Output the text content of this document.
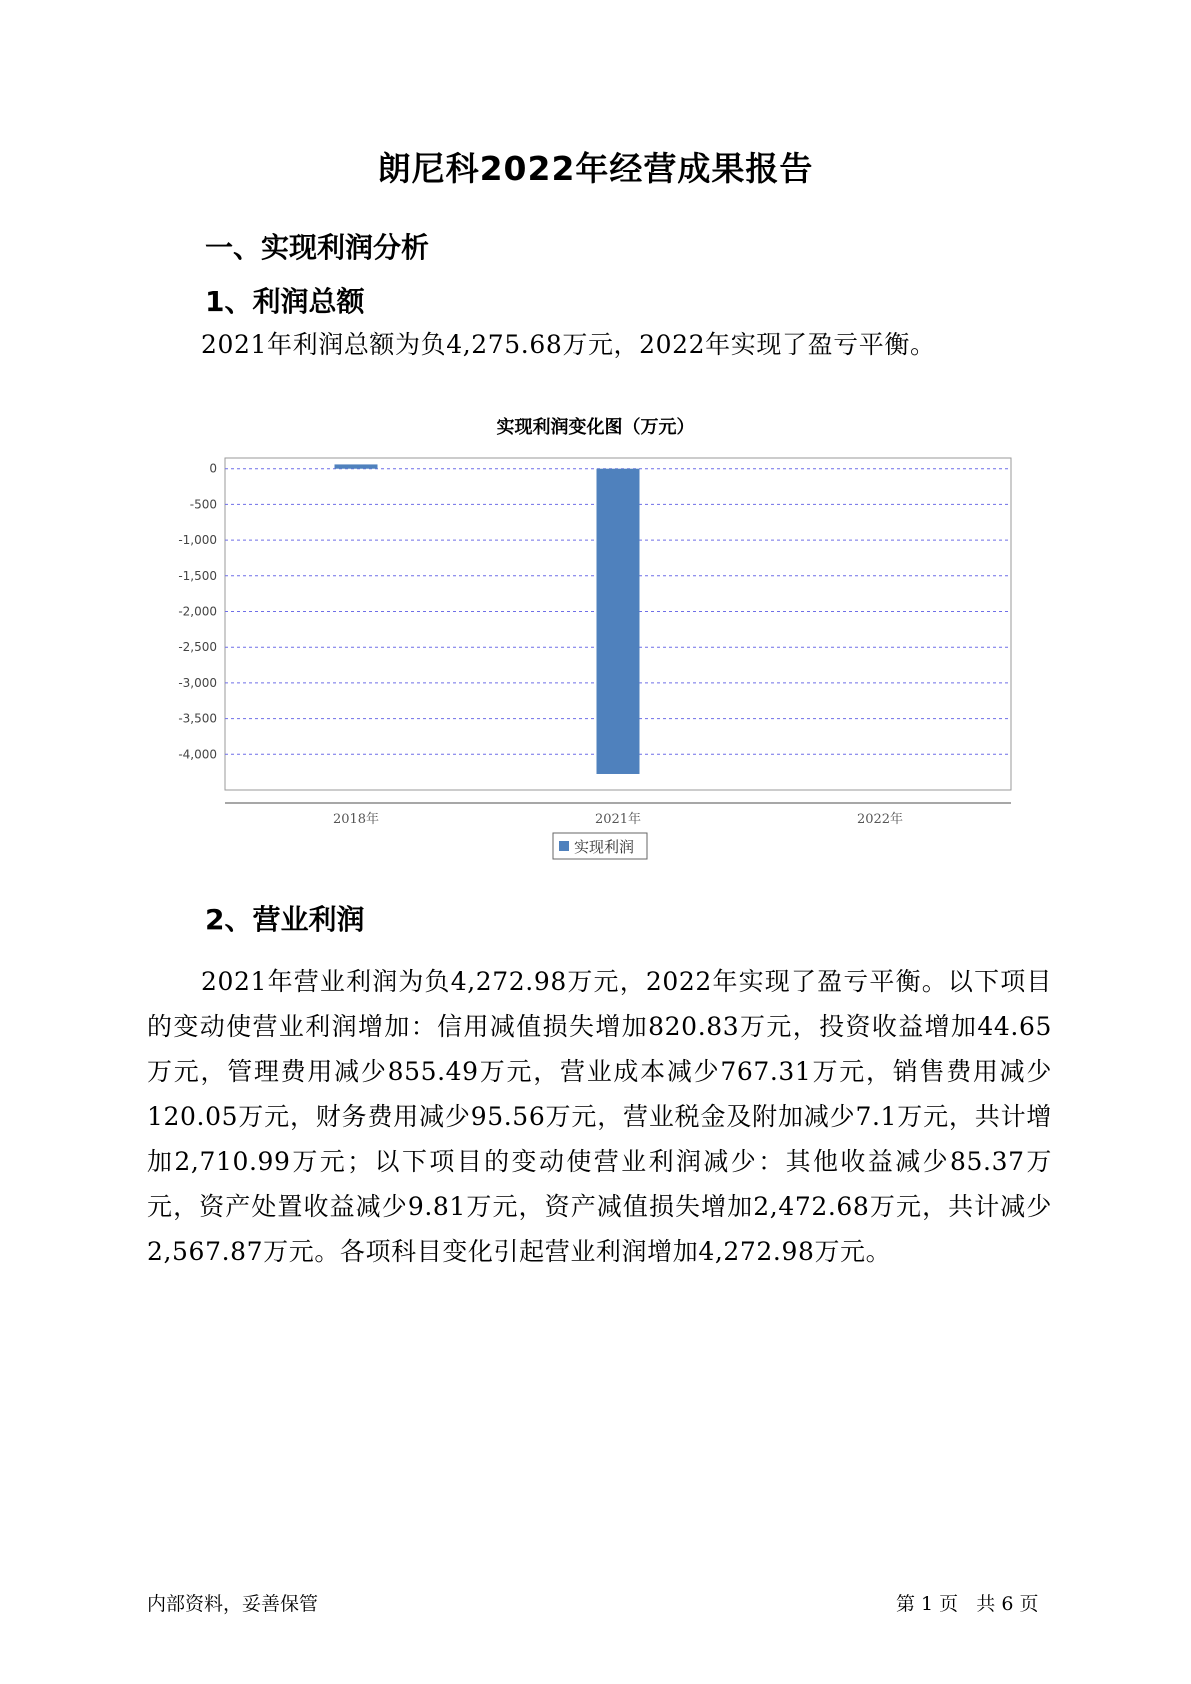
朗尼科2022年经营成果报告
一、实现利润分析
1、利润总额
2021年利润总额为负4,275.68万元，2022年实现了盈亏平衡。
实现利润变化图（万元）
0
-500
-1,000
-1,500
-2,000
-2,500
-3,000
-3,500
-4,000
2018年	2021年	2022年
实现利润
2、营业利润
2021年营业利润为负4,272.98万元，2022年实现了盈亏平衡。以下项目的变动使营业利润增加：信用减值损失增加820.83万元，投资收益增加44.65万元，管理费用减少855.49万元，营业成本减少767.31万元，销售费用减少120.05万元，财务费用减少95.56万元，营业税金及附加减少7.1万元，共计增加2,710.99万元；以下项目的变动使营业利润减少：其他收益减少85.37万元，资产处置收益减少9.81万元，资产减值损失增加2,472.68万元，共计减少2,567.87万元。各项科目变化引起营业利润增加4,272.98万元。
内部资料，妥善保管	第 1 页 共 6 页
